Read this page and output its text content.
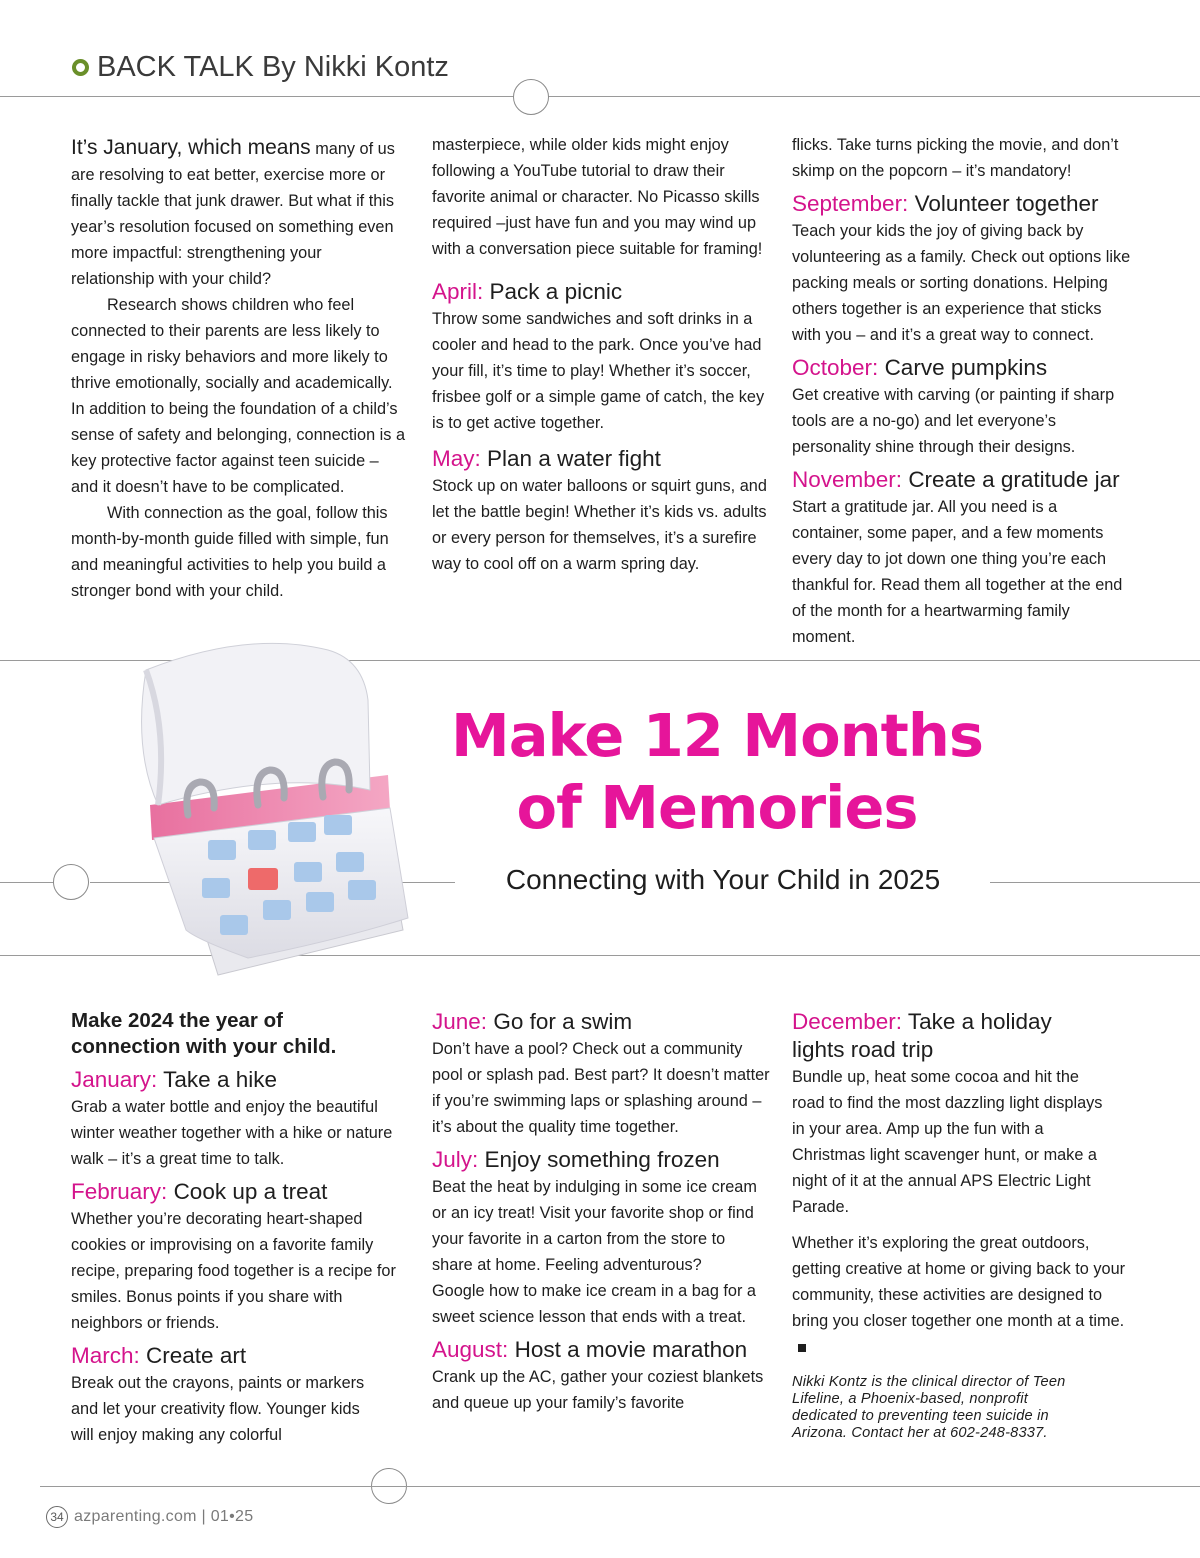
BACK TALK By Nikki Kontz

It’s January, which means many of us are resolving to eat better, exercise more or finally tackle that junk drawer. But what if this year’s resolution focused on something even more impactful: strengthening your relationship with your child?

Research shows children who feel connected to their parents are less likely to engage in risky behaviors and more likely to thrive emotionally, socially and academically. In addition to being the foundation of a child’s sense of safety and belonging, connection is a key protective factor against teen suicide – and it doesn’t have to be complicated.

With connection as the goal, follow this month-by-month guide filled with simple, fun and meaningful activities to help you build a stronger bond with your child.

masterpiece, while older kids might enjoy following a YouTube tutorial to draw their favorite animal or character. No Picasso skills required –just have fun and you may wind up with a conversation piece suitable for framing!

April: Pack a picnic

Throw some sandwiches and soft drinks in a cooler and head to the park. Once you’ve had your fill, it’s time to play! Whether it’s soccer, frisbee golf or a simple game of catch, the key is to get active together.

May: Plan a water fight

Stock up on water balloons or squirt guns, and let the battle begin! Whether it’s kids vs. adults or every person for themselves, it’s a surefire way to cool off on a warm spring day.

flicks. Take turns picking the movie, and don’t skimp on the popcorn – it’s mandatory!

September: Volunteer together

Teach your kids the joy of giving back by volunteering as a family. Check out options like packing meals or sorting donations. Helping others together is an experience that sticks with you – and it’s a great way to connect.

October: Carve pumpkins

Get creative with carving (or painting if sharp tools are a no-go) and let everyone’s personality shine through their designs.

November: Create a gratitude jar

Start a gratitude jar. All you need is a container, some paper, and a few moments every day to jot down one thing you’re each thankful for. Read them all together at the end of the month for a heartwarming family moment.

Make 12 Months
of Memories
Connecting with Your Child in 2025

Make 2024 the year of connection with your child.

January: Take a hike

Grab a water bottle and enjoy the beautiful winter weather together with a hike or nature walk – it’s a great time to talk.

February: Cook up a treat

Whether you’re decorating heart-shaped cookies or improvising on a favorite family recipe, preparing food together is a recipe for smiles. Bonus points if you share with neighbors or friends.

March: Create art

Break out the crayons, paints or markers and let your creativity flow. Younger kids will enjoy making any colorful

June: Go for a swim

Don’t have a pool? Check out a community pool or splash pad. Best part? It doesn’t matter if you’re swimming laps or splashing around – it’s about the quality time together.

July: Enjoy something frozen

Beat the heat by indulging in some ice cream or an icy treat! Visit your favorite shop or find your favorite in a carton from the store to share at home. Feeling adventurous? Google how to make ice cream in a bag for a sweet science lesson that ends with a treat.

August: Host a movie marathon

Crank up the AC, gather your coziest blankets and queue up your family’s favorite

December: Take a holiday lights road trip

Bundle up, heat some cocoa and hit the road to find the most dazzling light displays in your area. Amp up the fun with a Christmas light scavenger hunt, or make a night of it at the annual APS Electric Light Parade.

Whether it’s exploring the great outdoors, getting creative at home or giving back to your community, these activities are designed to bring you closer together one month at a time.

Nikki Kontz is the clinical director of Teen Lifeline, a Phoenix-based, nonprofit dedicated to preventing teen suicide in Arizona. Contact her at 602-248-8337.

34 azparenting.com | 01•25
